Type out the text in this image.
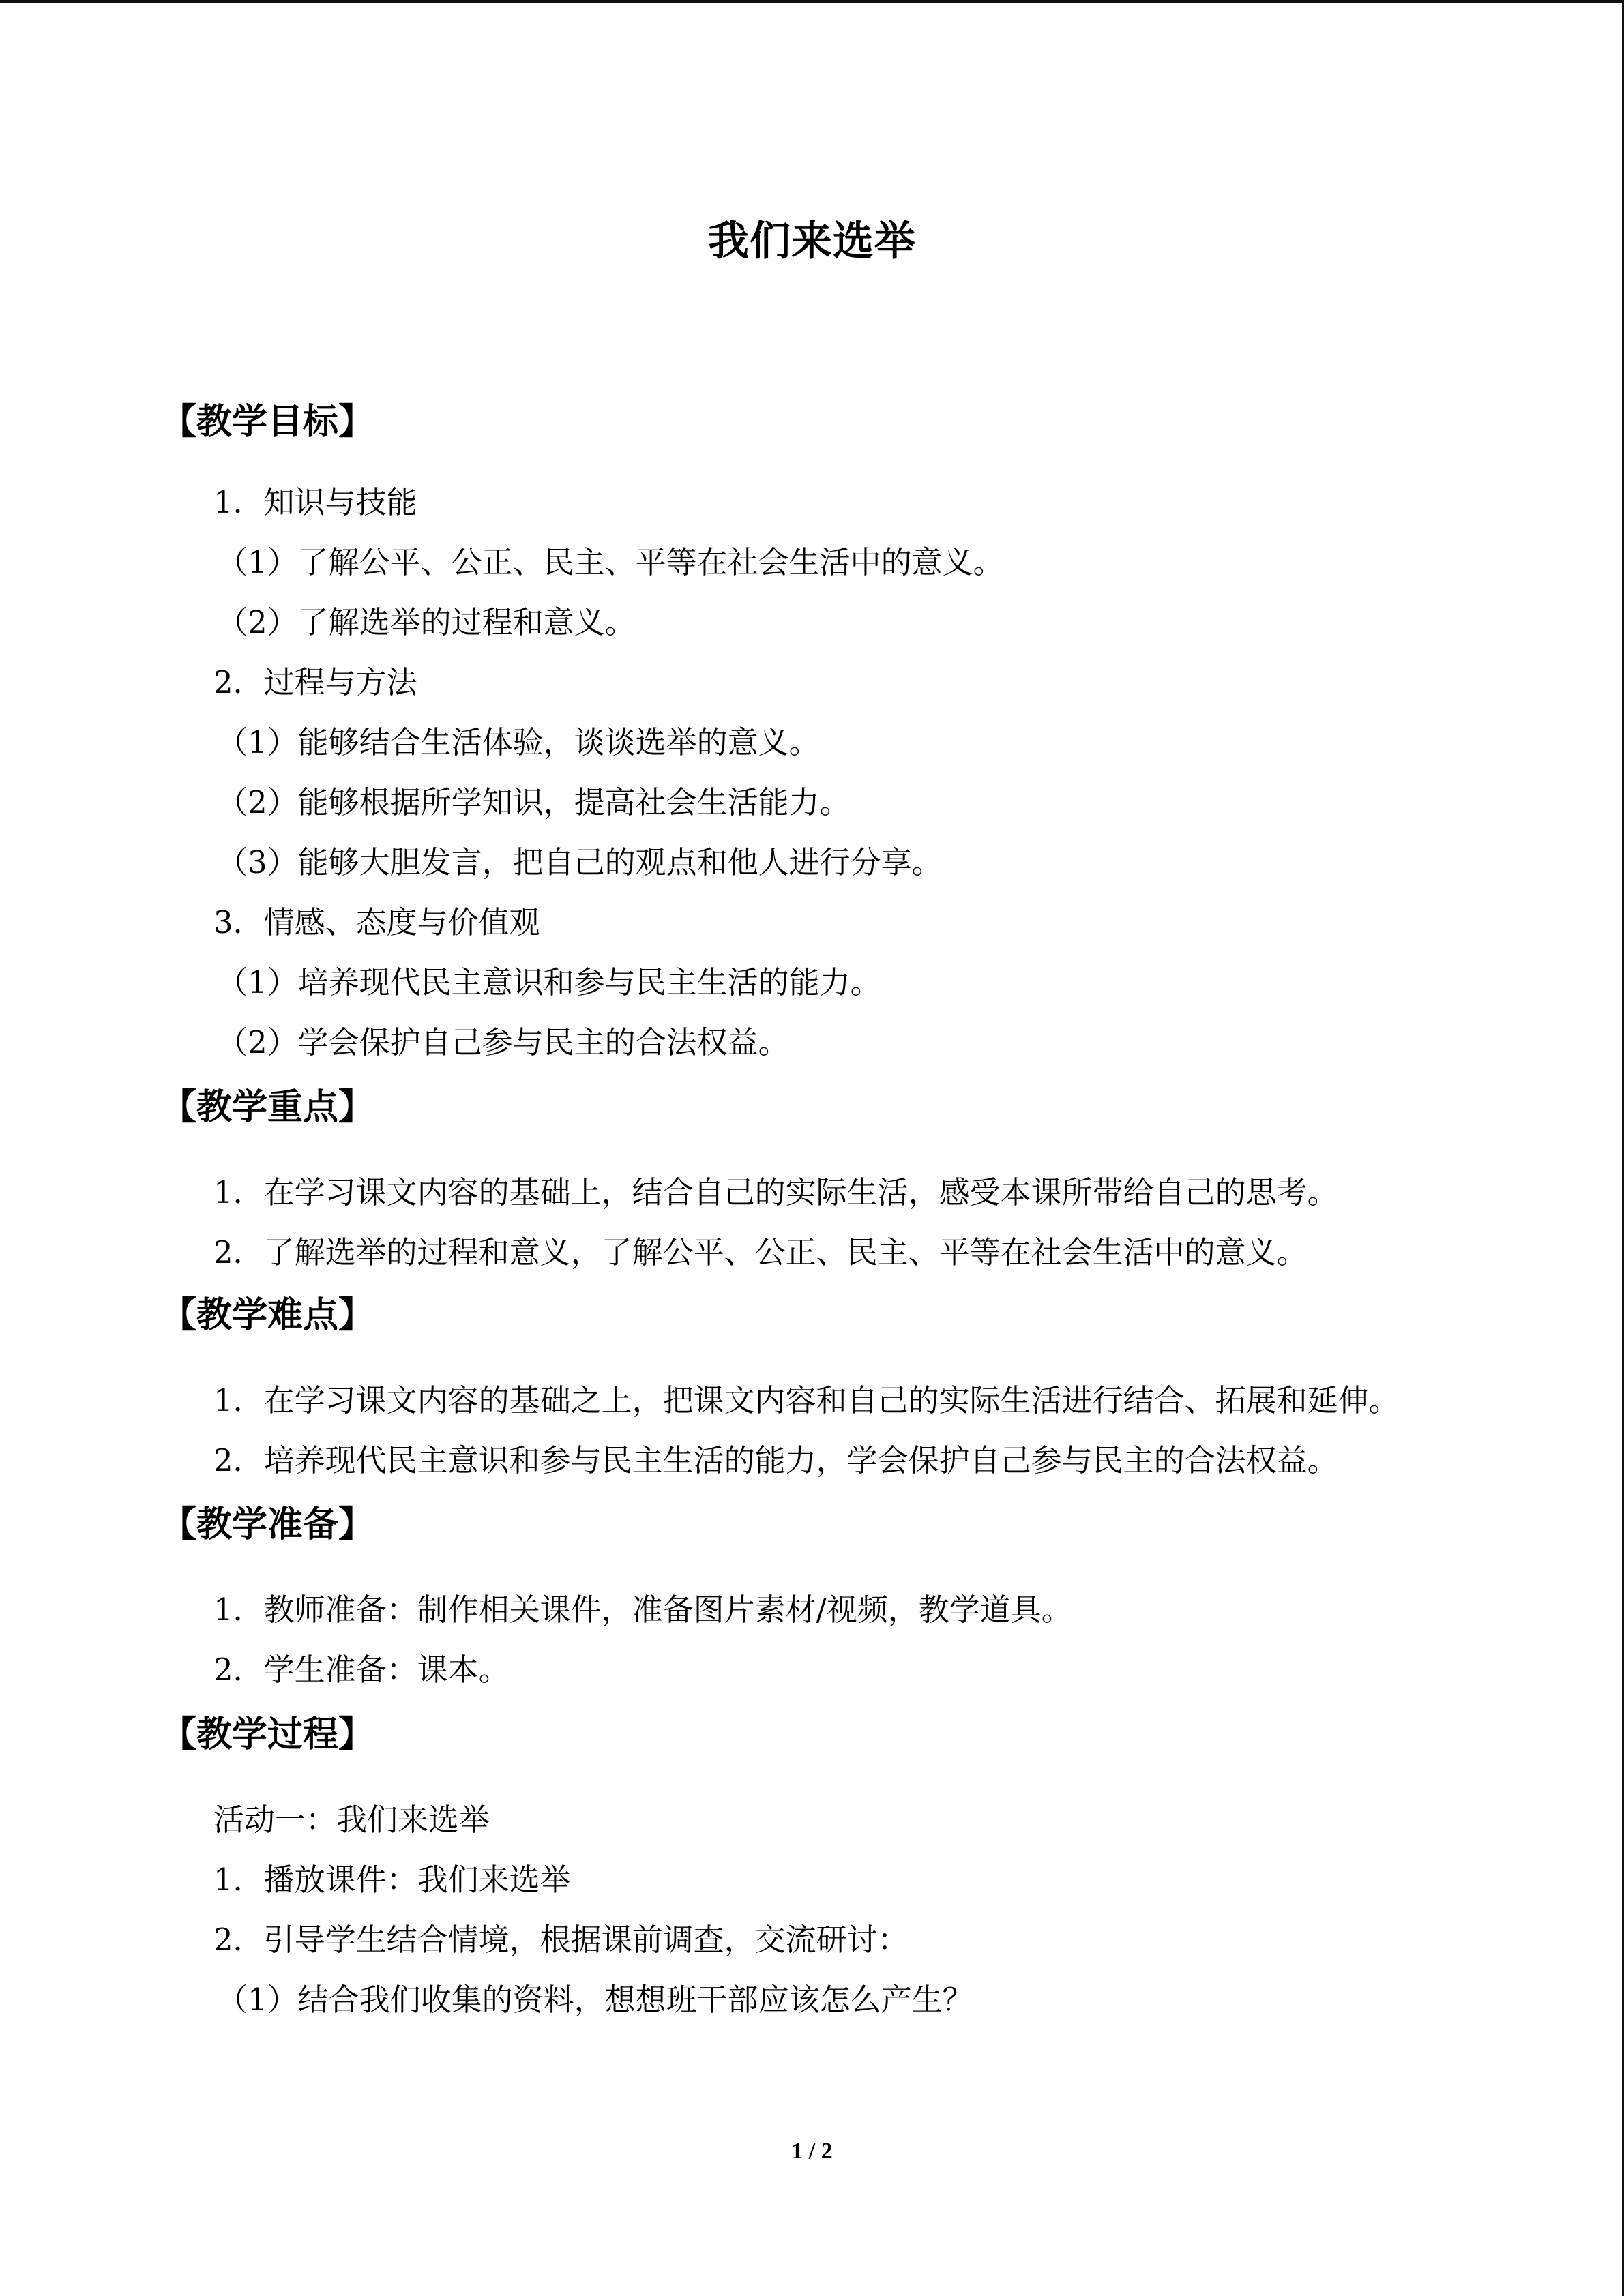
我们来选举
【教学目标】
1．知识与技能
（1）了解公平、公正、民主、平等在社会生活中的意义。
（2）了解选举的过程和意义。
2．过程与方法
（1）能够结合生活体验，谈谈选举的意义。
（2）能够根据所学知识，提高社会生活能力。
（3）能够大胆发言，把自己的观点和他人进行分享。
3．情感、态度与价值观
（1）培养现代民主意识和参与民主生活的能力。
（2）学会保护自己参与民主的合法权益。
【教学重点】
1．在学习课文内容的基础上，结合自己的实际生活，感受本课所带给自己的思考。
2．了解选举的过程和意义，了解公平、公正、民主、平等在社会生活中的意义。
【教学难点】
1．在学习课文内容的基础之上，把课文内容和自己的实际生活进行结合、拓展和延伸。
2．培养现代民主意识和参与民主生活的能力，学会保护自己参与民主的合法权益。
【教学准备】
1．教师准备：制作相关课件，准备图片素材/视频，教学道具。
2．学生准备：课本。
【教学过程】
活动一：我们来选举
1．播放课件：我们来选举
2．引导学生结合情境，根据课前调查，交流研讨：
（1）结合我们收集的资料，想想班干部应该怎么产生？
1 / 2
